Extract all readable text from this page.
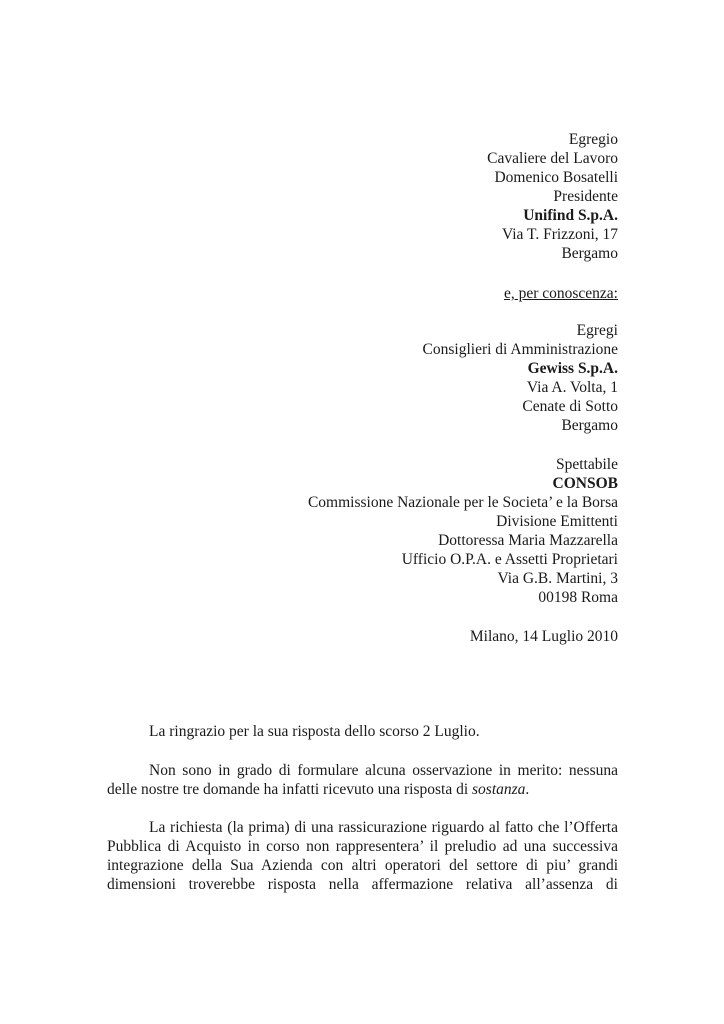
Egregio
Cavaliere del Lavoro
Domenico Bosatelli
Presidente
Unifind S.p.A.
Via T. Frizzoni, 17
Bergamo
e, per conoscenza:
Egregi
Consiglieri di Amministrazione
Gewiss S.p.A.
Via A. Volta, 1
Cenate di Sotto
Bergamo
Spettabile
CONSOB
Commissione Nazionale per le Societa’ e la Borsa
Divisione Emittenti
Dottoressa Maria Mazzarella
Ufficio O.P.A. e Assetti Proprietari
Via G.B. Martini, 3
00198 Roma
Milano, 14 Luglio 2010
La ringrazio per la sua risposta dello scorso 2 Luglio.
Non sono in grado di formulare alcuna osservazione in merito: nessuna delle nostre tre domande ha infatti ricevuto una risposta di sostanza.
La richiesta (la prima) di una rassicurazione riguardo al fatto che l’Offerta Pubblica di Acquisto in corso non rappresentera’ il preludio ad una successiva integrazione della Sua Azienda con altri operatori del settore di piu’ grandi dimensioni troverebbe risposta nella affermazione relativa all’assenza di
